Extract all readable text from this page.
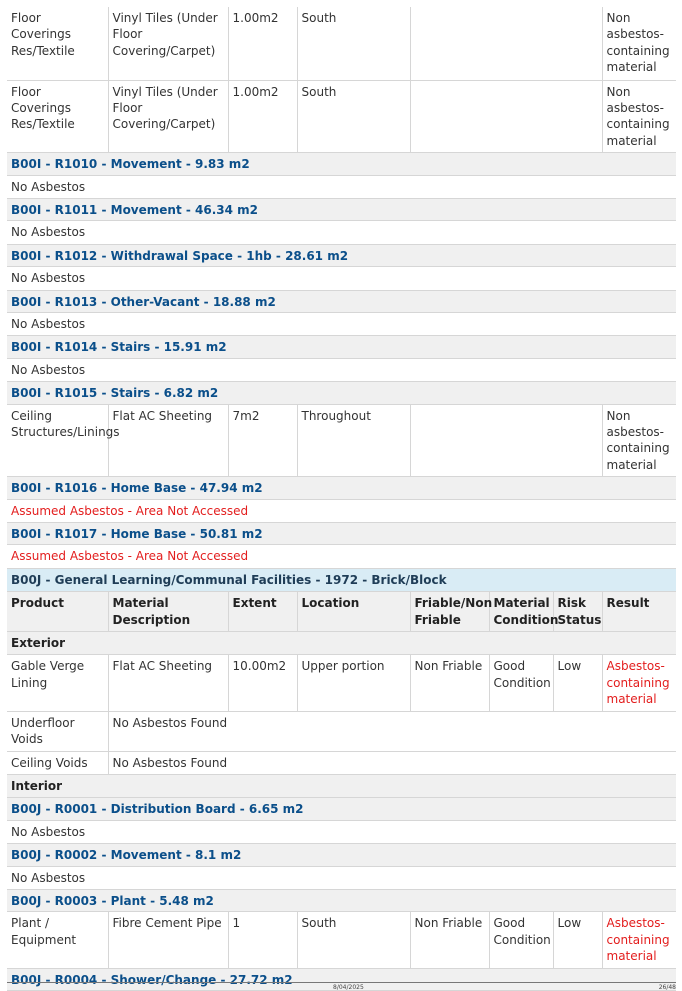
Floor Coverings Res/Textile	Vinyl Tiles (Under Floor Covering/Carpet)	1.00m2	South				Non asbestos-containing material
Floor Coverings Res/Textile	Vinyl Tiles (Under Floor Covering/Carpet)	1.00m2	South				Non asbestos-containing material
B00I - R1010 - Movement - 9.83 m2							
No Asbestos							
B00I - R1011 - Movement - 46.34 m2							
No Asbestos							
B00I - R1012 - Withdrawal Space - 1hb - 28.61 m2							
No Asbestos							
B00I - R1013 - Other-Vacant - 18.88 m2							
No Asbestos							
B00I - R1014 - Stairs - 15.91 m2							
No Asbestos							
B00I - R1015 - Stairs - 6.82 m2							
Ceiling Structures/Linings	Flat AC Sheeting	7m2	Throughout				Non asbestos-containing material
B00I - R1016 - Home Base - 47.94 m2							
Assumed Asbestos - Area Not Accessed							
B00I - R1017 - Home Base - 50.81 m2							
Assumed Asbestos - Area Not Accessed							
B00J - General Learning/Communal Facilities - 1972 - Brick/Block							
Product	Material Description	Extent	Location	Friable/Non Friable	Material Condition	Risk Status	Result
Exterior							
Gable Verge Lining	Flat AC Sheeting	10.00m2	Upper portion	Non Friable	Good Condition	Low	Asbestos-containing material
Underfloor Voids	No Asbestos Found						
Ceiling Voids	No Asbestos Found						
Interior							
B00J - R0001 - Distribution Board - 6.65 m2							
No Asbestos							
B00J - R0002 - Movement - 8.1 m2							
No Asbestos							
B00J - R0003 - Plant - 5.48 m2							
Plant / Equipment	Fibre Cement Pipe	1	South	Non Friable	Good Condition	Low	Asbestos-containing material
B00J - R0004 - Shower/Change - 27.72 m2							
8/04/2025	26/48
